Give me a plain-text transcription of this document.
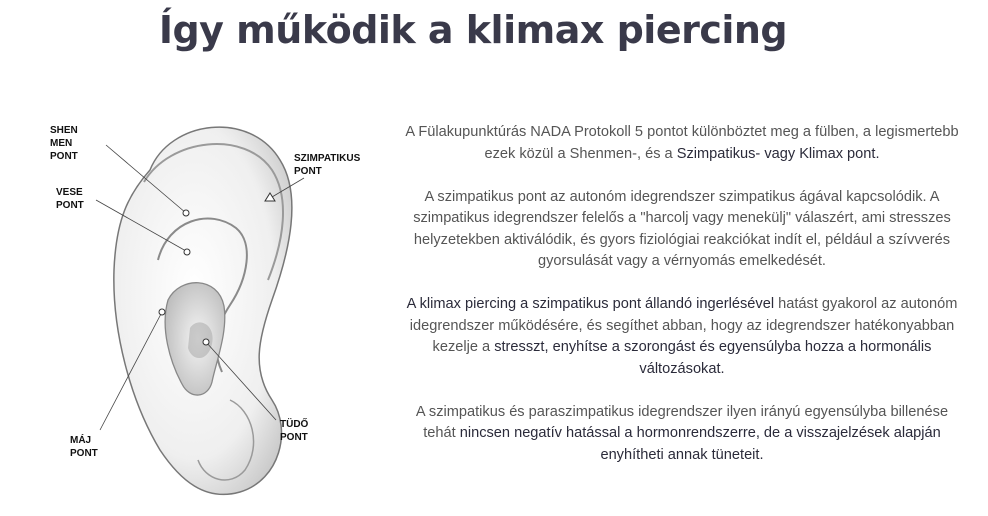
Így működik a klimax piercing
SHEN
MEN
PONT	SZIMPATIKUS
PONT
VESE
PONT
MÁJ
PONT
TÜDŐ
PONT

A Fülakupunktúrás NADA Protokoll 5 pontot különböztet meg a fülben, a legismertebb ezek közül a Shenmen-, és a Szimpatikus- vagy Klimax pont.

A szimpatikus pont az autonóm idegrendszer szimpatikus ágával kapcsolódik. A szimpatikus idegrendszer felelős a "harcolj vagy menekülj" válaszért, ami stresszes helyzetekben aktiválódik, és gyors fiziológiai reakciókat indít el, például a szívverés gyorsulását vagy a vérnyomás emelkedését.

A klimax piercing a szimpatikus pont állandó ingerlésével hatást gyakorol az autonóm idegrendszer működésére, és segíthet abban, hogy az idegrendszer hatékonyabban kezelje a stresszt, enyhítse a szorongást és egyensúlyba hozza a hormonális változásokat.

A szimpatikus és paraszimpatikus idegrendszer ilyen irányú egyensúlyba billenése tehát nincsen negatív hatással a hormonrendszerre, de a visszajelzések alapján enyhítheti annak tüneteit.
